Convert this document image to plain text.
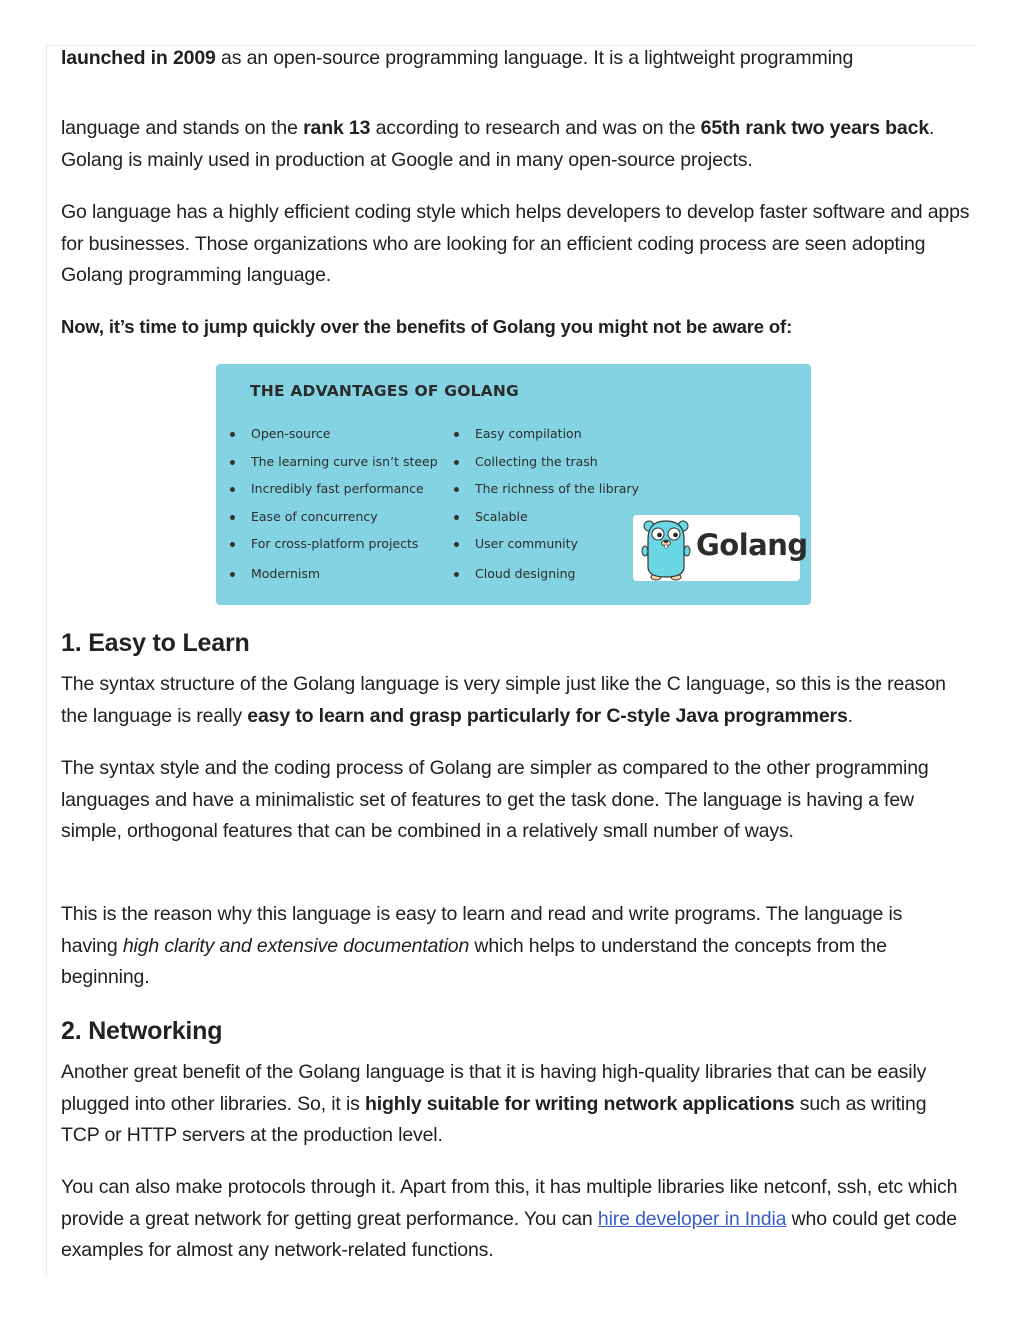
launched in 2009 as an open-source programming language. It is a lightweight programming

language and stands on the rank 13 according to research and was on the 65th rank two years back. Golang is mainly used in production at Google and in many open-source projects.

Go language has a highly efficient coding style which helps developers to develop faster software and apps for businesses. Those organizations who are looking for an efficient coding process are seen adopting Golang programming language.

Now, it’s time to jump quickly over the benefits of Golang you might not be aware of:

THE ADVANTAGES OF GOLANG
Open-source
The learning curve isn’t steep
Incredibly fast performance
Ease of concurrency
For cross-platform projects
Modernism
Easy compilation
Collecting the trash
The richness of the library
Scalable
User community
Cloud designing
Golang
1. Easy to Learn

The syntax structure of the Golang language is very simple just like the C language, so this is the reason the language is really easy to learn and grasp particularly for C-style Java programmers.

The syntax style and the coding process of Golang are simpler as compared to the other programming languages and have a minimalistic set of features to get the task done. The language is having a few simple, orthogonal features that can be combined in a relatively small number of ways.

This is the reason why this language is easy to learn and read and write programs. The language is having high clarity and extensive documentation which helps to understand the concepts from the beginning.

2. Networking

Another great benefit of the Golang language is that it is having high-quality libraries that can be easily plugged into other libraries. So, it is highly suitable for writing network applications such as writing TCP or HTTP servers at the production level.

You can also make protocols through it. Apart from this, it has multiple libraries like netconf, ssh, etc which provide a great network for getting great performance. You can hire developer in India who could get code examples for almost any network-related functions.
